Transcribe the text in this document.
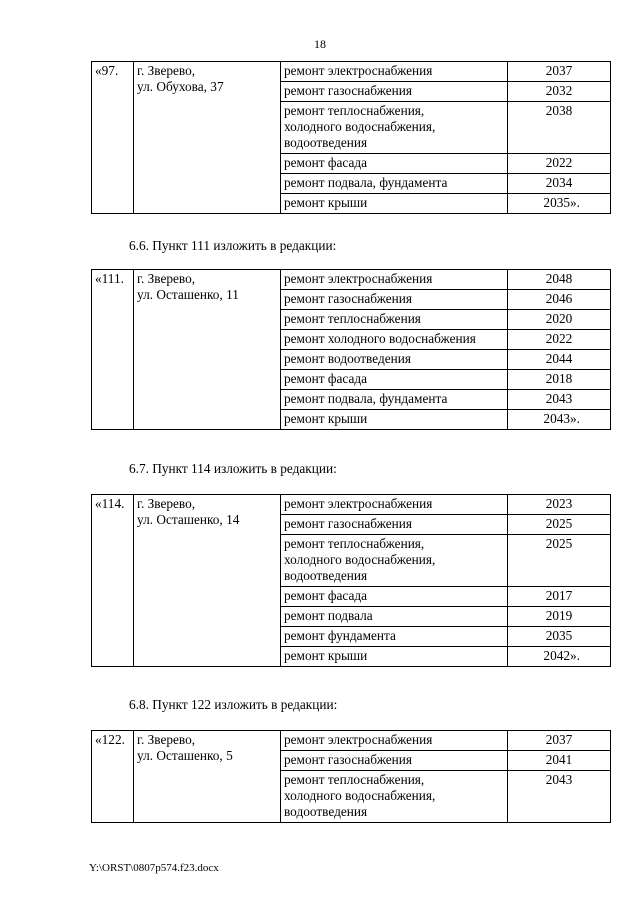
18
«97.	г. Зверево,
ул. Обухова, 37	ремонт электроснабжения	2037
		ремонт газоснабжения	2032
		ремонт теплоснабжения,
холодного водоснабжения,
водоотведения	2038
		ремонт фасада	2022
		ремонт подвала, фундамента	2034
		ремонт крыши	2035».
6.6. Пункт 111 изложить в редакции:
«111.	г. Зверево,
ул. Осташенко, 11	ремонт электроснабжения	2048
		ремонт газоснабжения	2046
		ремонт теплоснабжения	2020
		ремонт холодного водоснабжения	2022
		ремонт водоотведения	2044
		ремонт фасада	2018
		ремонт подвала, фундамента	2043
		ремонт крыши	2043».
6.7. Пункт 114 изложить в редакции:
«114.	г. Зверево,
ул. Осташенко, 14	ремонт электроснабжения	2023
		ремонт газоснабжения	2025
		ремонт теплоснабжения,
холодного водоснабжения,
водоотведения	2025
		ремонт фасада	2017
		ремонт подвала	2019
		ремонт фундамента	2035
		ремонт крыши	2042».
6.8. Пункт 122 изложить в редакции:
«122.	г. Зверево,
ул. Осташенко, 5	ремонт электроснабжения	2037
		ремонт газоснабжения	2041
		ремонт теплоснабжения,
холодного водоснабжения,
водоотведения	2043
Y:\ORST\0807p574.f23.docx
